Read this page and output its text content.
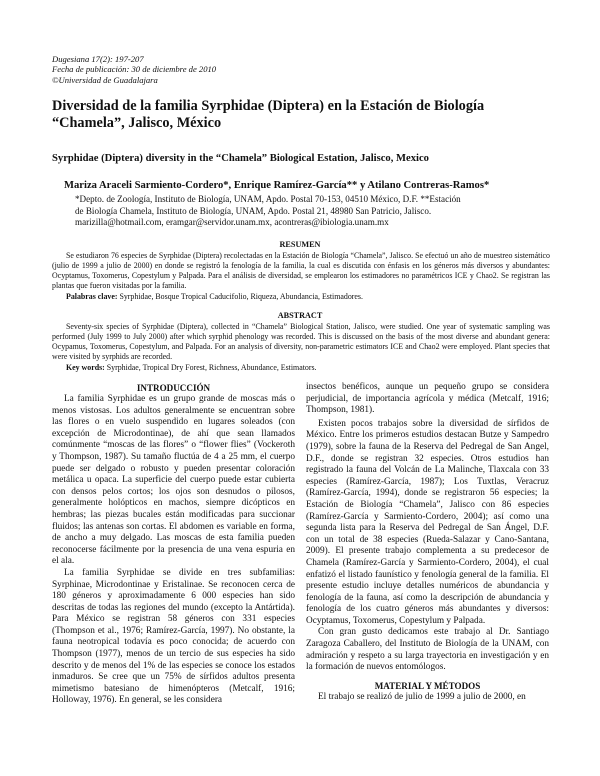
Dugesiana 17(2): 197-207
Fecha de publicación: 30 de diciembre de 2010
©Universidad de Guadalajara
Diversidad de la familia Syrphidae (Diptera) en la Estación de Biología “Chamela”, Jalisco, México
Syrphidae (Diptera) diversity in the “Chamela” Biological Estation, Jalisco, Mexico
Mariza Araceli Sarmiento-Cordero*, Enrique Ramírez-García** y Atilano Contreras-Ramos*
*Depto. de Zoología, Instituto de Biología, UNAM, Apdo. Postal 70-153, 04510 México, D.F. **Estación
de Biología Chamela, Instituto de Biología, UNAM, Apdo. Postal 21, 48980 San Patricio, Jalisco.
marizilla@hotmail.com, eramgar@servidor.unam.mx, acontreras@ibiologia.unam.mx
RESUMEN

Se estudiaron 76 especies de Syrphidae (Diptera) recolectadas en la Estación de Biología “Chamela”, Jalisco. Se efectuó un año de muestreo sistemático (julio de 1999 a julio de 2000) en donde se registró la fenología de la familia, la cual es discutida con énfasis en los géneros más diversos y abundantes: Ocyptamus, Toxomerus, Copestylum y Palpada. Para el análisis de diversidad, se emplearon los estimadores no paramétricos ICE y Chao2. Se registran las plantas que fueron visitadas por la familia.

Palabras clave: Syrphidae, Bosque Tropical Caducifolio, Riqueza, Abundancia, Estimadores.
ABSTRACT

Seventy-six species of Syrphidae (Diptera), collected in “Chamela” Biological Station, Jalisco, were studied. One year of systematic sampling was performed (July 1999 to July 2000) after which syrphid phenology was recorded. This is discussed on the basis of the most diverse and abundant genera: Ocypamus, Toxomerus, Copestylum, and Palpada. For an analysis of diversity, non-parametric estimators ICE and Chao2 were employed. Plant species that were visited by syrphids are recorded.

Key words: Syrphidae, Tropical Dry Forest, Richness, Abundance, Estimators.
INTRODUCCIÓN

La familia Syrphidae es un grupo grande de moscas más o menos vistosas. Los adultos generalmente se encuentran sobre las flores o en vuelo suspendido en lugares soleados (con excepción de Microdontinae), de ahí que sean llamados comúnmente “moscas de las flores” o “flower flies” (Vockeroth y Thompson, 1987). Su tamaño fluctúa de 4 a 25 mm, el cuerpo puede ser delgado o robusto y pueden presentar coloración metálica u opaca. La superficie del cuerpo puede estar cubierta con densos pelos cortos; los ojos son desnudos o pilosos, generalmente holópticos en machos, siempre dicópticos en hembras; las piezas bucales están modificadas para succionar fluidos; las antenas son cortas. El abdomen es variable en forma, de ancho a muy delgado. Las moscas de esta familia pueden reconocerse fácilmente por la presencia de una vena espuria en el ala.

La familia Syrphidae se divide en tres subfamilias: Syrphinae, Microdontinae y Eristalinae. Se reconocen cerca de 180 géneros y aproximadamente 6 000 especies han sido descritas de todas las regiones del mundo (excepto la Antártida). Para México se registran 58 géneros con 331 especies (Thompson et al., 1976; Ramírez-García, 1997). No obstante, la fauna neotropical todavía es poco conocida; de acuerdo con Thompson (1977), menos de un tercio de sus especies ha sido descrito y de menos del 1% de las especies se conoce los estados inmaduros. Se cree que un 75% de sírfidos adultos presenta mimetismo batesiano de himenópteros (Metcalf, 1916; Holloway, 1976). En general, se les considera

insectos benéficos, aunque un pequeño grupo se considera perjudicial, de importancia agrícola y médica (Metcalf, 1916; Thompson, 1981).

Existen pocos trabajos sobre la diversidad de sírfidos de México. Entre los primeros estudios destacan Butze y Sampedro (1979), sobre la fauna de la Reserva del Pedregal de San Angel, D.F., donde se registran 32 especies. Otros estudios han registrado la fauna del Volcán de La Malinche, Tlaxcala con 33 especies (Ramírez-García, 1987); Los Tuxtlas, Veracruz (Ramírez-García, 1994), donde se registraron 56 especies; la Estación de Biología “Chamela”, Jalisco con 86 especies (Ramírez-García y Sarmiento-Cordero, 2004); así como una segunda lista para la Reserva del Pedregal de San Ángel, D.F. con un total de 38 especies (Rueda-Salazar y Cano-Santana, 2009). El presente trabajo complementa a su predecesor de Chamela (Ramírez-García y Sarmiento-Cordero, 2004), el cual enfatizó el listado faunístico y fenología general de la familia. El presente estudio incluye detalles numéricos de abundancia y fenología de la fauna, así como la descripción de abundancia y fenología de los cuatro géneros más abundantes y diversos: Ocyptamus, Toxomerus, Copestylum y Palpada.

Con gran gusto dedicamos este trabajo al Dr. Santiago Zaragoza Caballero, del Instituto de Biología de la UNAM, con admiración y respeto a su larga trayectoria en investigación y en la formación de nuevos entomólogos.

MATERIAL Y MÉTODOS

El trabajo se realizó de julio de 1999 a julio de 2000, en
